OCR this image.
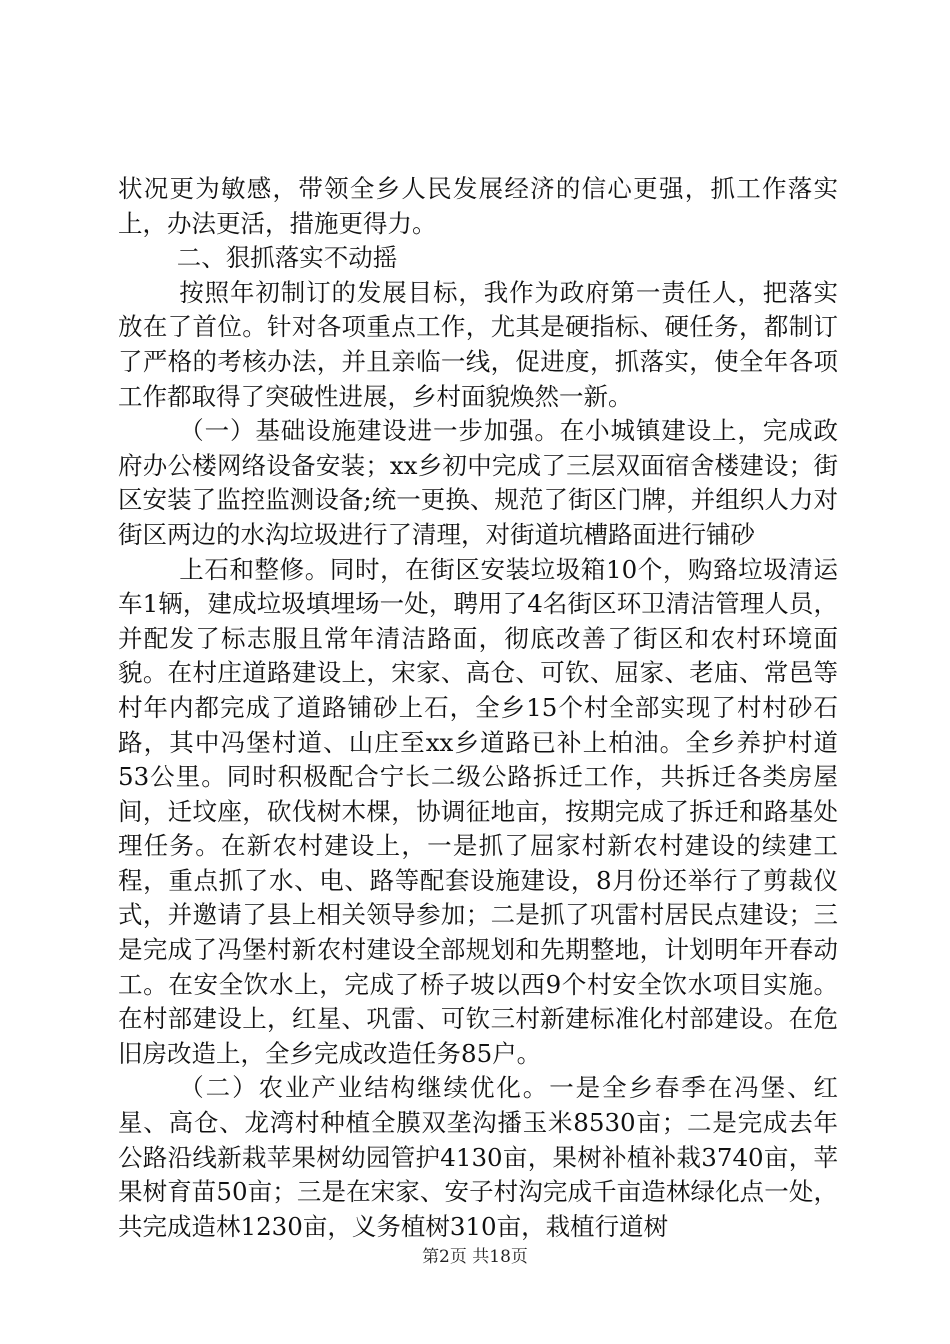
状况更为敏感，带领全乡人民发展经济的信心更强，抓工作落实上，办法更活，措施更得力。

二、狠抓落实不动摇

按照年初制订的发展目标，我作为政府第一责任人，把落实放在了首位。针对各项重点工作，尤其是硬指标、硬任务，都制订了严格的考核办法，并且亲临一线，促进度，抓落实，使全年各项工作都取得了突破性进展，乡村面貌焕然一新。

（一）基础设施建设进一步加强。在小城镇建设上，完成政府办公楼网络设备安装；xx乡初中完成了三层双面宿舍楼建设；街区安装了监控监测设备;统一更换、规范了街区门牌，并组织人力对街区两边的水沟垃圾进行了清理，对街道坑槽路面进行铺砂

上石和整修。同时，在街区安装垃圾箱10个，购臵垃圾清运车1辆，建成垃圾填埋场一处，聘用了4名街区环卫清洁管理人员，并配发了标志服且常年清洁路面，彻底改善了街区和农村环境面貌。在村庄道路建设上，宋家、高仓、可钦、屈家、老庙、常邑等村年内都完成了道路铺砂上石，全乡15个村全部实现了村村砂石路，其中冯堡村道、山庄至xx乡道路已补上柏油。全乡养护村道53公里。同时积极配合宁长二级公路拆迁工作，共拆迁各类房屋间，迁坟座，砍伐树木棵，协调征地亩，按期完成了拆迁和路基处理任务。在新农村建设上，一是抓了屈家村新农村建设的续建工程，重点抓了水、电、路等配套设施建设，8月份还举行了剪裁仪式，并邀请了县上相关领导参加；二是抓了巩雷村居民点建设；三是完成了冯堡村新农村建设全部规划和先期整地，计划明年开春动工。在安全饮水上，完成了桥子坡以西9个村安全饮水项目实施。在村部建设上，红星、巩雷、可钦三村新建标准化村部建设。在危旧房改造上，全乡完成改造任务85户。

（二）农业产业结构继续优化。一是全乡春季在冯堡、红星、高仓、龙湾村种植全膜双垄沟播玉米8530亩；二是完成去年公路沿线新栽苹果树幼园管护4130亩，果树补植补栽3740亩，苹果树育苗50亩；三是在宋家、安子村沟完成千亩造林绿化点一处，共完成造林1230亩，义务植树310亩，栽植行道树

第2页 共18页
